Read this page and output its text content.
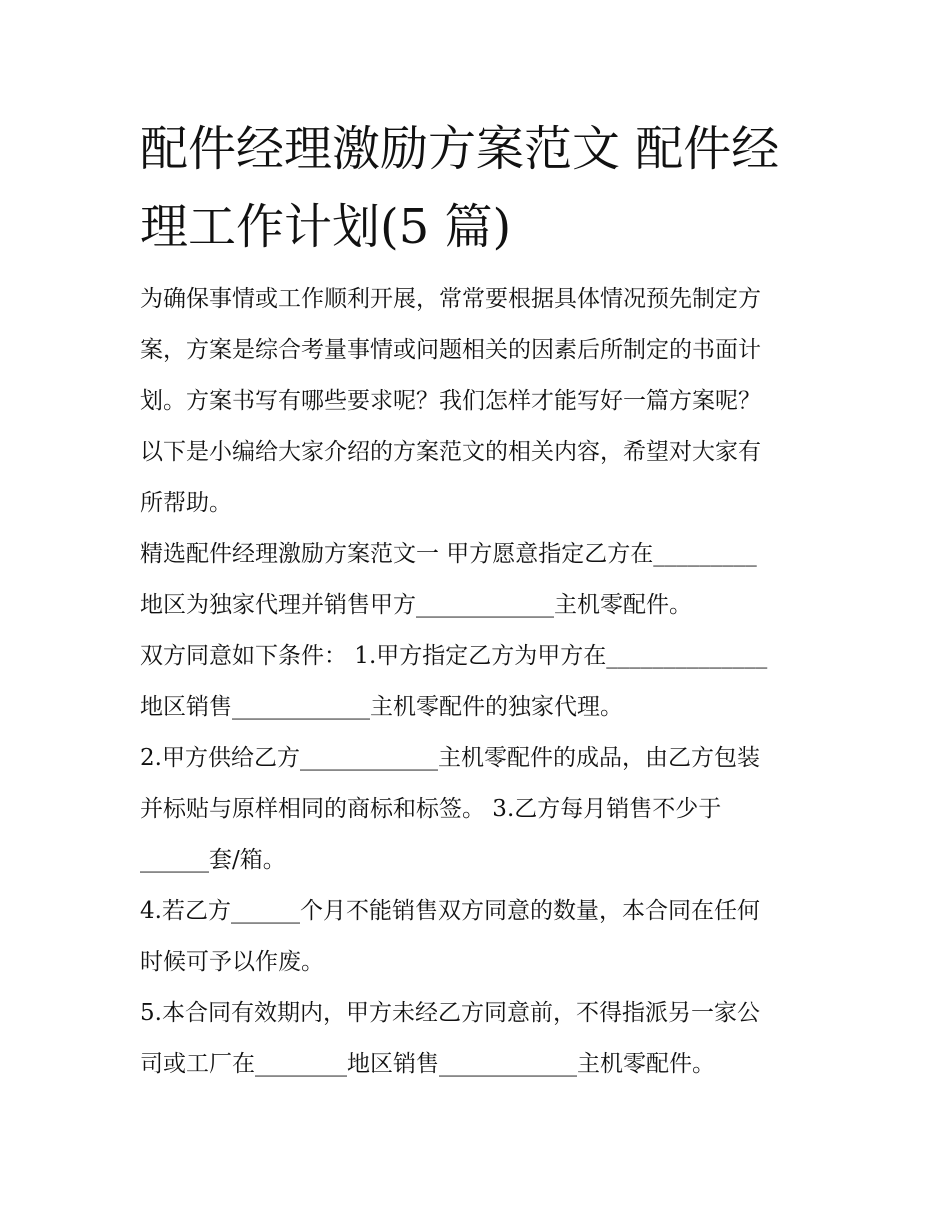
配件经理激励方案范文 配件经
理工作计划(5 篇)
为确保事情或工作顺利开展，常常要根据具体情况预先制定方
案，方案是综合考量事情或问题相关的因素后所制定的书面计
划。方案书写有哪些要求呢？我们怎样才能写好一篇方案呢？
以下是小编给大家介绍的方案范文的相关内容，希望对大家有
所帮助。
精选配件经理激励方案范文一 甲方愿意指定乙方在_________
地区为独家代理并销售甲方____________主机零配件。
双方同意如下条件： 1.甲方指定乙方为甲方在______________
地区销售____________主机零配件的独家代理。
2.甲方供给乙方____________主机零配件的成品，由乙方包装
并标贴与原样相同的商标和标签。 3.乙方每月销售不少于
______套/箱。
4.若乙方______个月不能销售双方同意的数量，本合同在任何
时候可予以作废。
5.本合同有效期内，甲方未经乙方同意前，不得指派另一家公
司或工厂在________地区销售____________主机零配件。
